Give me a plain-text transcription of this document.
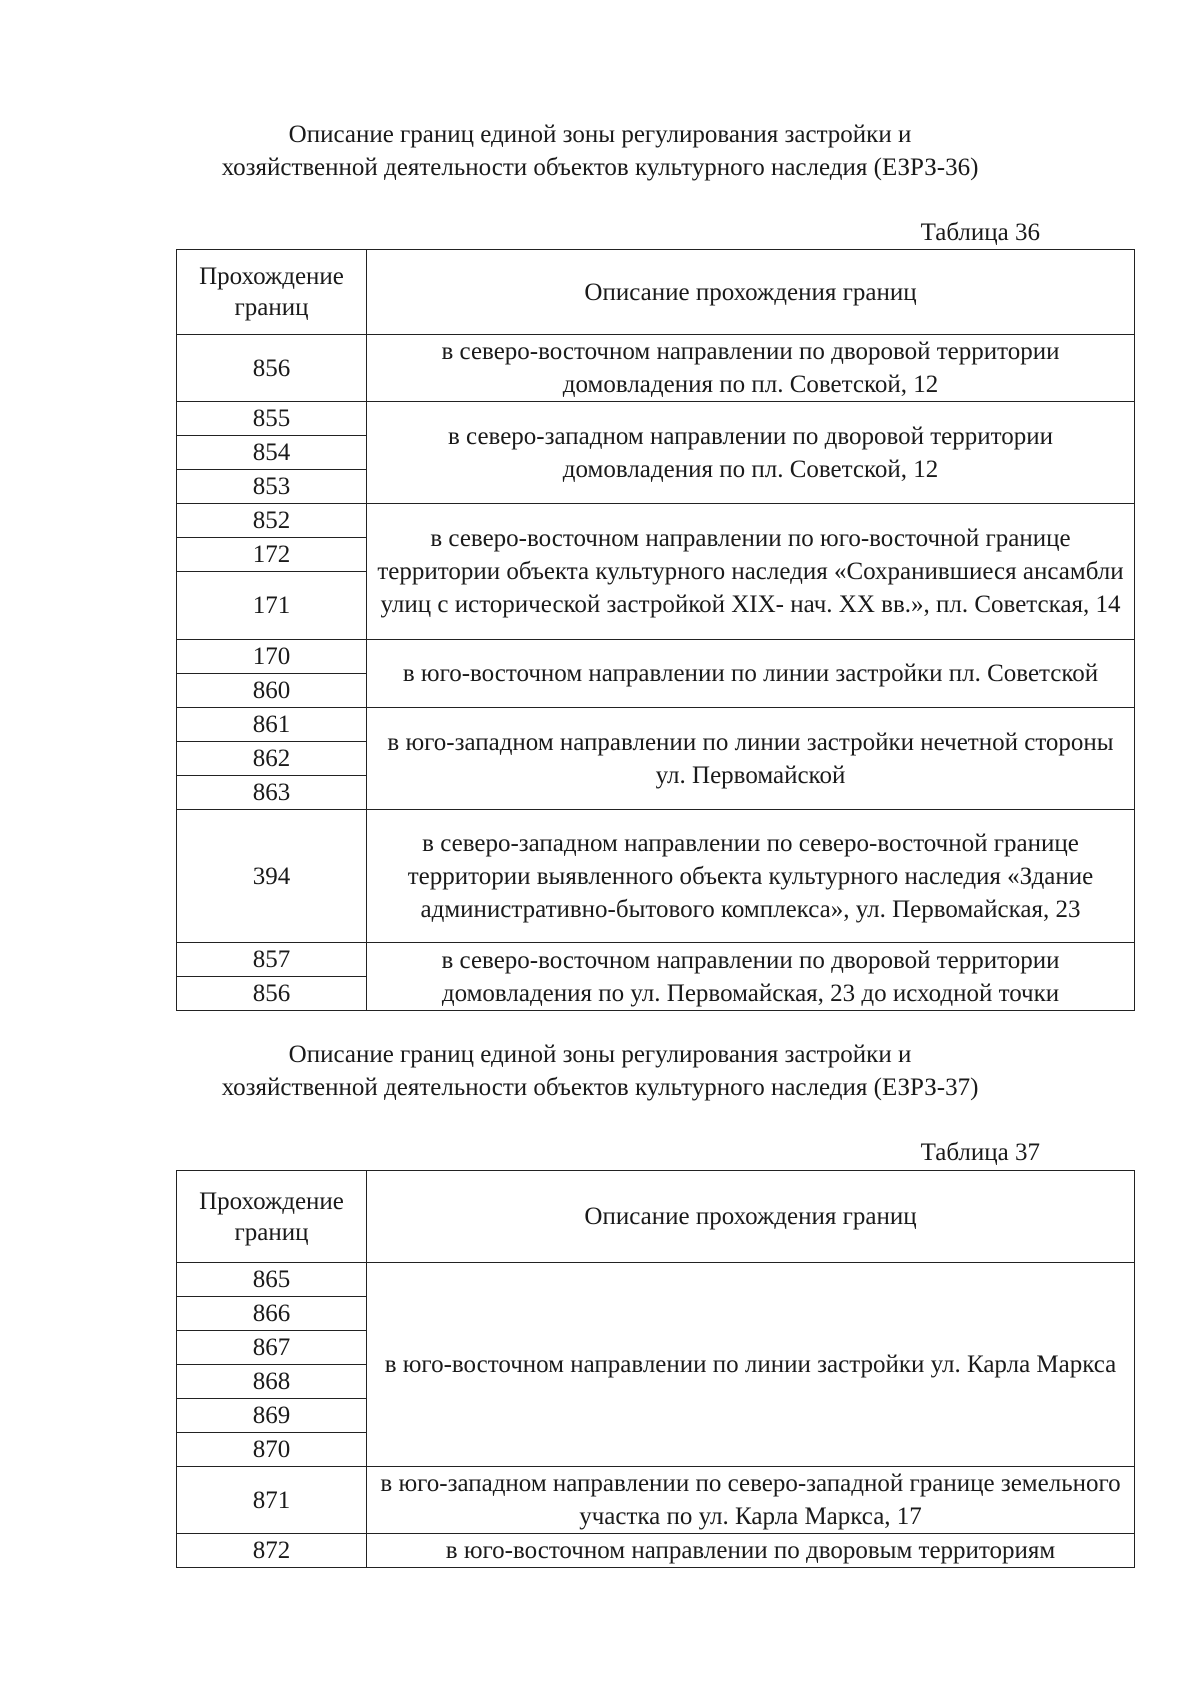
Описание границ единой зоны регулирования застройки и
хозяйственной деятельности объектов культурного наследия (ЕЗРЗ-36)
Таблица 36
Прохождение
границ	Описание прохождения границ
856	в северо-восточном направлении по дворовой территории домовладения по пл. Советской, 12
855	в северо-западном направлении по дворовой территории домовладения по пл. Советской, 12
854	
853	
852	в северо-восточном направлении по юго-восточной границе территории объекта культурного наследия «Сохранившиеся ансамбли улиц с исторической застройкой XIX- нач. XX вв.», пл. Советская, 14
172	
171	
170	в юго-восточном направлении по линии застройки пл. Советской
860	
861	в юго-западном направлении по линии застройки нечетной стороны ул. Первомайской
862	
863	
394	в северо-западном направлении по северо-восточной границе территории выявленного объекта культурного наследия «Здание административно-бытового комплекса», ул. Первомайская, 23
857	в северо-восточном направлении по дворовой территории домовладения по ул. Первомайская, 23 до исходной точки
856	
Описание границ единой зоны регулирования застройки и
хозяйственной деятельности объектов культурного наследия (ЕЗРЗ-37)
Таблица 37
Прохождение
границ	Описание прохождения границ
865	в юго-восточном направлении по линии застройки ул. Карла Маркса
866	
867	
868	
869	
870	
871	в юго-западном направлении по северо-западной границе земельного участка по ул. Карла Маркса, 17
872	в юго-восточном направлении по дворовым территориям
